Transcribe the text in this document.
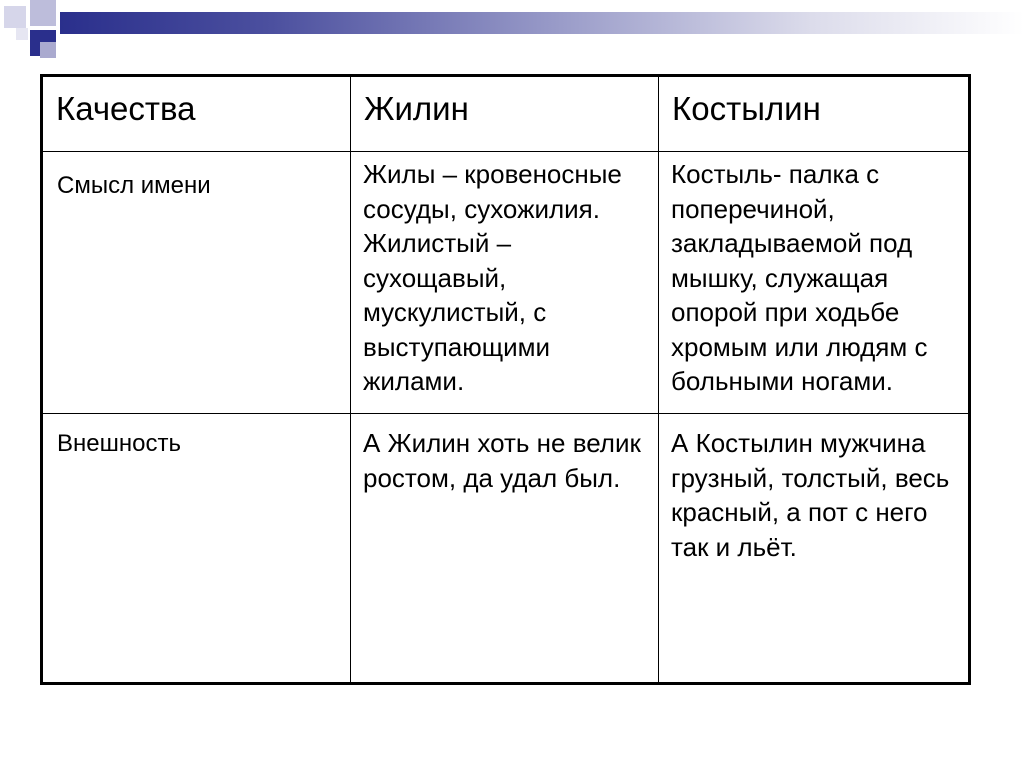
Качества	Жилин	Костылин

Смысл имени	Жилы – кровеносные сосуды, сухожилия. Жилистый – сухощавый, мускулистый, с выступающими жилами.	Костыль- палка с поперечиной, закладываемой под мышку, служащая опорой при ходьбе хромым или людям с больными ногами.

Внешность	А Жилин хоть не велик ростом, да удал был.	А Костылин мужчина грузный, толстый, весь красный, а пот с него так и льёт.
